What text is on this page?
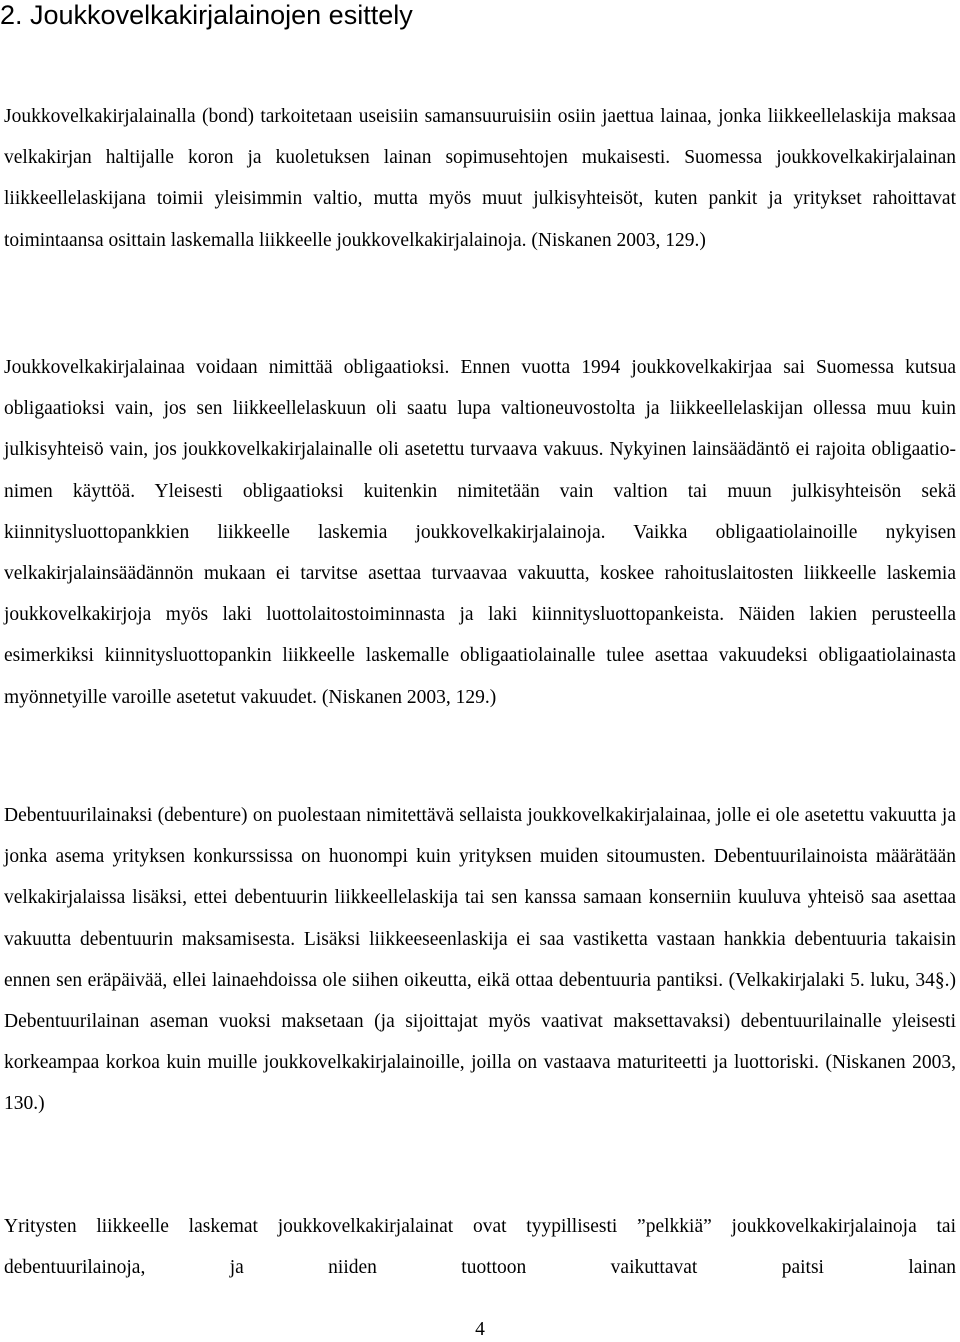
2. Joukkovelkakirjalainojen esittely

Joukkovelkakirjalainalla (bond) tarkoitetaan useisiin samansuuruisiin osiin jaettua lainaa, jonka liikkeellelaskija maksaa velkakirjan haltijalle koron ja kuoletuksen lainan sopimusehtojen mukaisesti. Suomessa joukkovelkakirjalainan liikkeellelaskijana toimii yleisimmin valtio, mutta myös muut julkisyhteisöt, kuten pankit ja yritykset rahoittavat toimintaansa osittain laskemalla liikkeelle joukkovelkakirjalainoja. (Niskanen 2003, 129.)

Joukkovelkakirjalainaa voidaan nimittää obligaatioksi. Ennen vuotta 1994 joukkovelkakirjaa sai Suomessa kutsua obligaatioksi vain, jos sen liikkeellelaskuun oli saatu lupa valtioneuvostolta ja liikkeellelaskijan ollessa muu kuin julkisyhteisö vain, jos joukkovelkakirjalainalle oli asetettu turvaava vakuus. Nykyinen lainsäädäntö ei rajoita obligaatio-nimen käyttöä. Yleisesti obligaatioksi kuitenkin nimitetään vain valtion tai muun julkisyhteisön sekä kiinnitysluottopankkien liikkeelle laskemia joukkovelkakirjalainoja. Vaikka obligaatiolainoille nykyisen velkakirjalainsäädännön mukaan ei tarvitse asettaa turvaavaa vakuutta, koskee rahoituslaitosten liikkeelle laskemia joukkovelkakirjoja myös laki luottolaitostoiminnasta ja laki kiinnitysluottopankeista. Näiden lakien perusteella esimerkiksi kiinnitysluottopankin liikkeelle laskemalle obligaatiolainalle tulee asettaa vakuudeksi obligaatiolainasta myönnetyille varoille asetetut vakuudet. (Niskanen 2003, 129.)

Debentuurilainaksi (debenture) on puolestaan nimitettävä sellaista joukkovelkakirjalainaa, jolle ei ole asetettu vakuutta ja jonka asema yrityksen konkurssissa on huonompi kuin yrityksen muiden sitoumusten. Debentuurilainoista määrätään velkakirjalaissa lisäksi, ettei debentuurin liikkeellelaskija tai sen kanssa samaan konserniin kuuluva yhteisö saa asettaa vakuutta debentuurin maksamisesta. Lisäksi liikkeeseenlaskija ei saa vastiketta vastaan hankkia debentuuria takaisin ennen sen eräpäivää, ellei lainaehdoissa ole siihen oikeutta, eikä ottaa debentuuria pantiksi. (Velkakirjalaki 5. luku, 34§.) Debentuurilainan aseman vuoksi maksetaan (ja sijoittajat myös vaativat maksettavaksi) debentuurilainalle yleisesti korkeampaa korkoa kuin muille joukkovelkakirjalainoille, joilla on vastaava maturiteetti ja luottoriski. (Niskanen 2003, 130.)

Yritysten liikkeelle laskemat joukkovelkakirjalainat ovat tyypillisesti ”pelkkiä” joukkovelkakirjalainoja tai debentuurilainoja, ja niiden tuottoon vaikuttavat paitsi lainan

4
